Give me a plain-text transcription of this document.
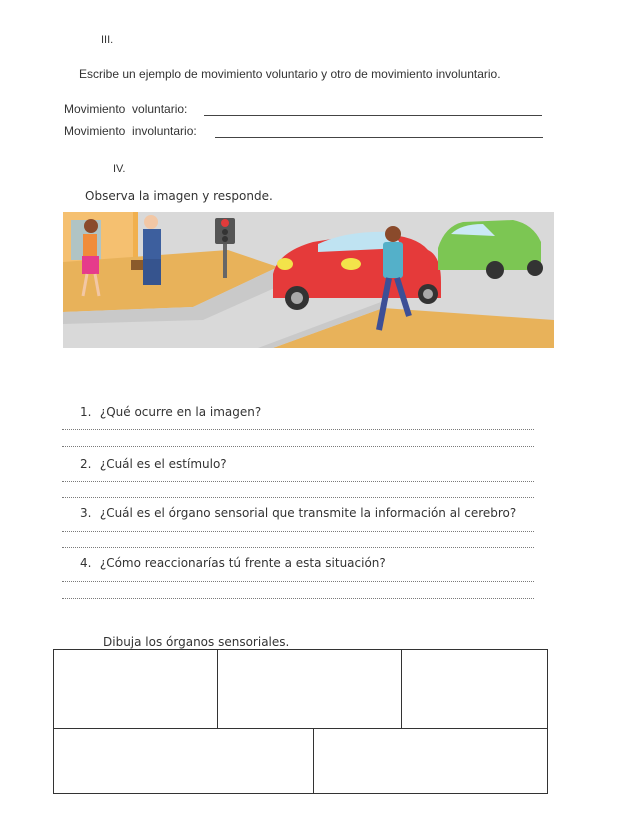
III.
Escribe un ejemplo de movimiento voluntario y otro de movimiento involuntario.
Movimiento  voluntario:
Movimiento  involuntario:
IV.
Observa la imagen y responde.
1. ¿Qué ocurre en la imagen?
2. ¿Cuál es el estímulo?
3. ¿Cuál es el órgano sensorial que transmite la información al cerebro?
4. ¿Cómo reaccionarías tú frente a esta situación?
Dibuja los órganos sensoriales.
